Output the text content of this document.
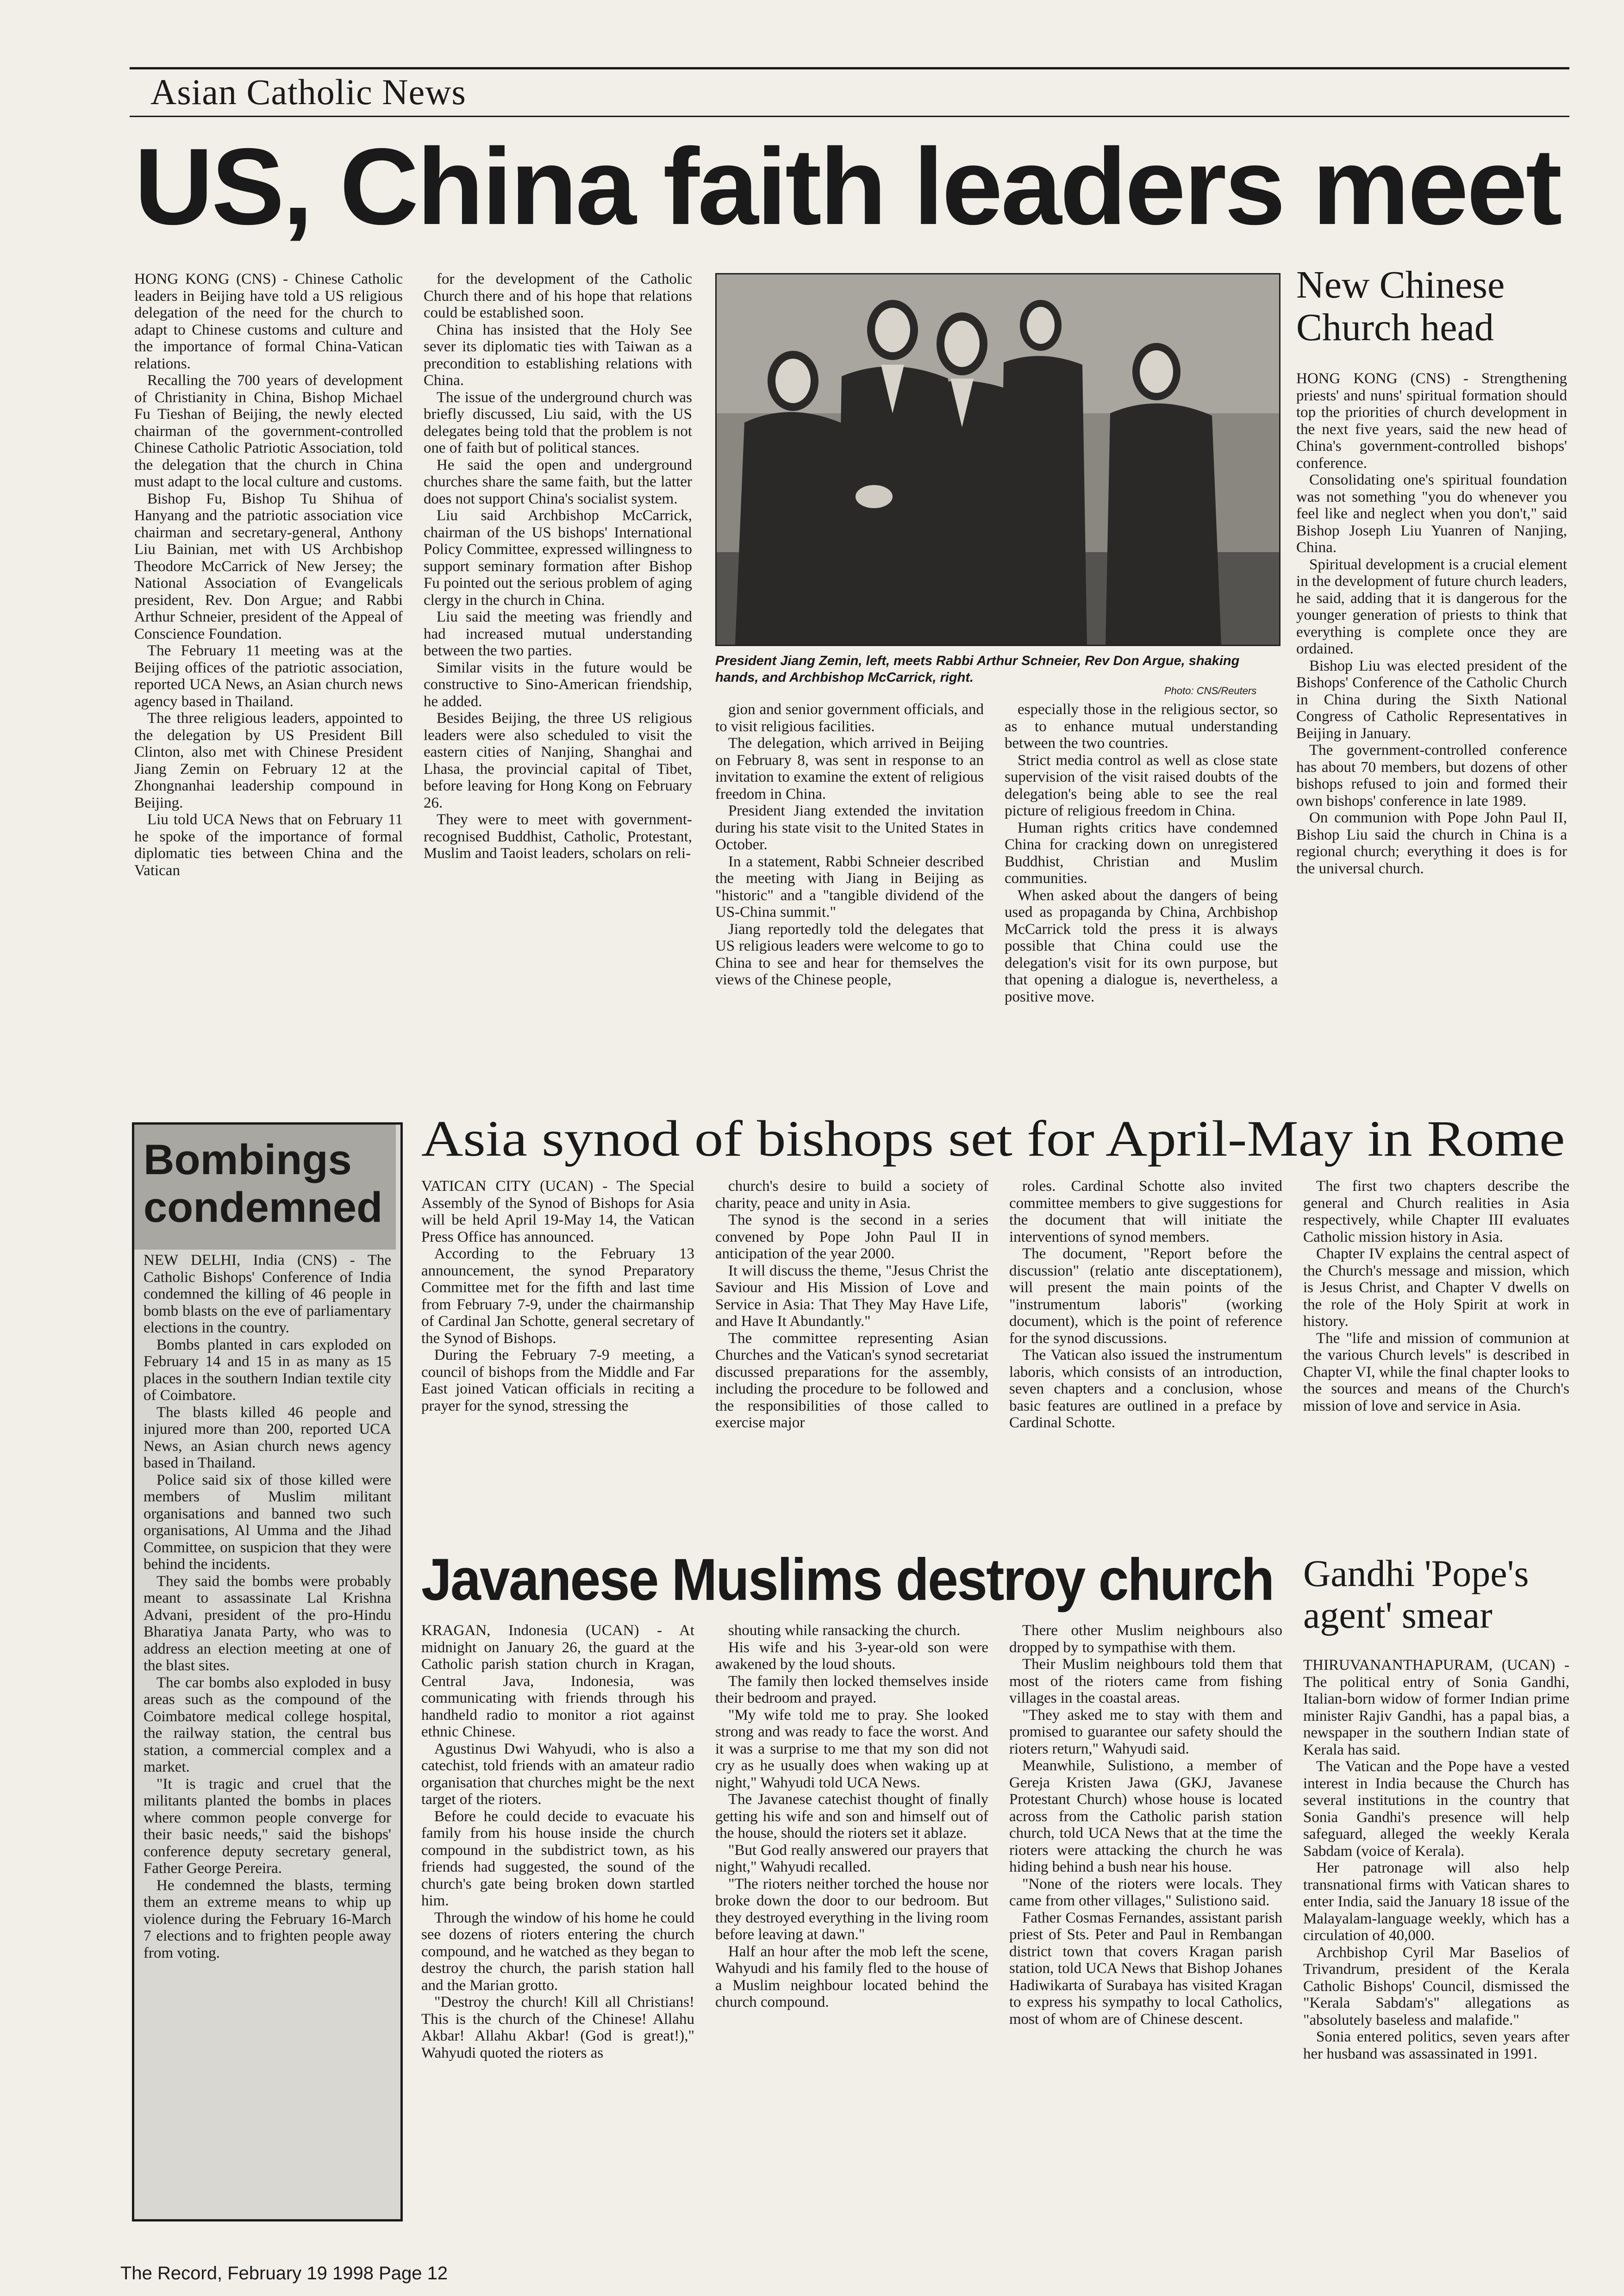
Asian Catholic News
US, China faith leaders meet

HONG KONG (CNS) - Chinese Catholic leaders in Beijing have told a US religious delegation of the need for the church to adapt to Chinese customs and culture and the importance of formal China-Vatican relations.

Recalling the 700 years of development of Christianity in China, Bishop Michael Fu Tieshan of Beijing, the newly elected chairman of the government-controlled Chinese Catholic Patriotic Association, told the delegation that the church in China must adapt to the local culture and customs.

Bishop Fu, Bishop Tu Shihua of Hanyang and the patriotic association vice chairman and secretary-general, Anthony Liu Bainian, met with US Archbishop Theodore McCarrick of New Jersey; the National Association of Evangelicals president, Rev. Don Argue; and Rabbi Arthur Schneier, president of the Appeal of Conscience Foundation.

The February 11 meeting was at the Beijing offices of the patriotic association, reported UCA News, an Asian church news agency based in Thailand.

The three religious leaders, appointed to the delegation by US President Bill Clinton, also met with Chinese President Jiang Zemin on February 12 at the Zhongnanhai leadership compound in Beijing.

Liu told UCA News that on February 11 he spoke of the importance of formal diplomatic ties between China and the Vatican

for the development of the Catholic Church there and of his hope that relations could be established soon.

China has insisted that the Holy See sever its diplomatic ties with Taiwan as a precondition to establishing relations with China.

The issue of the underground church was briefly discussed, Liu said, with the US delegates being told that the problem is not one of faith but of political stances.

He said the open and underground churches share the same faith, but the latter does not support China's socialist system.

Liu said Archbishop McCarrick, chairman of the US bishops' International Policy Committee, expressed willingness to support seminary formation after Bishop Fu pointed out the serious problem of aging clergy in the church in China.

Liu said the meeting was friendly and had increased mutual understanding between the two parties.

Similar visits in the future would be constructive to Sino-American friendship, he added.

Besides Beijing, the three US religious leaders were also scheduled to visit the eastern cities of Nanjing, Shanghai and Lhasa, the provincial capital of Tibet, before leaving for Hong Kong on February 26.

They were to meet with government-recognised Buddhist, Catholic, Protestant, Muslim and Taoist leaders, scholars on reli-

President Jiang Zemin, left, meets Rabbi Arthur Schneier, Rev Don Argue, shaking hands, and Archbishop McCarrick, right.
Photo: CNS/Reuters

gion and senior government officials, and to visit religious facilities.

The delegation, which arrived in Beijing on February 8, was sent in response to an invitation to examine the extent of religious freedom in China.

President Jiang extended the invitation during his state visit to the United States in October.

In a statement, Rabbi Schneier described the meeting with Jiang in Beijing as "historic" and a "tangible dividend of the US-China summit."

Jiang reportedly told the delegates that US religious leaders were welcome to go to China to see and hear for themselves the views of the Chinese people,

especially those in the religious sector, so as to enhance mutual understanding between the two countries.

Strict media control as well as close state supervision of the visit raised doubts of the delegation's being able to see the real picture of religious freedom in China.

Human rights critics have condemned China for cracking down on unregistered Buddhist, Christian and Muslim communities.

When asked about the dangers of being used as propaganda by China, Archbishop McCarrick told the press it is always possible that China could use the delegation's visit for its own purpose, but that opening a dialogue is, nevertheless, a positive move.

New Chinese Church head

HONG KONG (CNS) - Strengthening priests' and nuns' spiritual formation should top the priorities of church development in the next five years, said the new head of China's government-controlled bishops' conference.

Consolidating one's spiritual foundation was not something "you do whenever you feel like and neglect when you don't," said Bishop Joseph Liu Yuanren of Nanjing, China.

Spiritual development is a crucial element in the development of future church leaders, he said, adding that it is dangerous for the younger generation of priests to think that everything is complete once they are ordained.

Bishop Liu was elected president of the Bishops' Conference of the Catholic Church in China during the Sixth National Congress of Catholic Representatives in Beijing in January.

The government-controlled conference has about 70 members, but dozens of other bishops refused to join and formed their own bishops' conference in late 1989.

On communion with Pope John Paul II, Bishop Liu said the church in China is a regional church; everything it does is for the universal church.

Bombings condemned

NEW DELHI, India (CNS) - The Catholic Bishops' Conference of India condemned the killing of 46 people in bomb blasts on the eve of parliamentary elections in the country.

Bombs planted in cars exploded on February 14 and 15 in as many as 15 places in the southern Indian textile city of Coimbatore.

The blasts killed 46 people and injured more than 200, reported UCA News, an Asian church news agency based in Thailand.

Police said six of those killed were members of Muslim militant organisations and banned two such organisations, Al Umma and the Jihad Committee, on suspicion that they were behind the incidents.

They said the bombs were probably meant to assassinate Lal Krishna Advani, president of the pro-Hindu Bharatiya Janata Party, who was to address an election meeting at one of the blast sites.

The car bombs also exploded in busy areas such as the compound of the Coimbatore medical college hospital, the railway station, the central bus station, a commercial complex and a market.

"It is tragic and cruel that the militants planted the bombs in places where common people converge for their basic needs," said the bishops' conference deputy secretary general, Father George Pereira.

He condemned the blasts, terming them an extreme means to whip up violence during the February 16-March 7 elections and to frighten people away from voting.

Asia synod of bishops set for April-May in Rome

VATICAN CITY (UCAN) - The Special Assembly of the Synod of Bishops for Asia will be held April 19-May 14, the Vatican Press Office has announced.

According to the February 13 announcement, the synod Preparatory Committee met for the fifth and last time from February 7-9, under the chairmanship of Cardinal Jan Schotte, general secretary of the Synod of Bishops.

During the February 7-9 meeting, a council of bishops from the Middle and Far East joined Vatican officials in reciting a prayer for the synod, stressing the

church's desire to build a society of charity, peace and unity in Asia.

The synod is the second in a series convened by Pope John Paul II in anticipation of the year 2000.

It will discuss the theme, "Jesus Christ the Saviour and His Mission of Love and Service in Asia: That They May Have Life, and Have It Abundantly."

The committee representing Asian Churches and the Vatican's synod secretariat discussed preparations for the assembly, including the procedure to be followed and the responsibilities of those called to exercise major

roles. Cardinal Schotte also invited committee members to give suggestions for the document that will initiate the interventions of synod members.

The document, "Report before the discussion" (relatio ante disceptationem), will present the main points of the "instrumentum laboris" (working document), which is the point of reference for the synod discussions.

The Vatican also issued the instrumentum laboris, which consists of an introduction, seven chapters and a conclusion, whose basic features are outlined in a preface by Cardinal Schotte.

The first two chapters describe the general and Church realities in Asia respectively, while Chapter III evaluates Catholic mission history in Asia.

Chapter IV explains the central aspect of the Church's message and mission, which is Jesus Christ, and Chapter V dwells on the role of the Holy Spirit at work in history.

The "life and mission of communion at the various Church levels" is described in Chapter VI, while the final chapter looks to the sources and means of the Church's mission of love and service in Asia.

Javanese Muslims destroy church

KRAGAN, Indonesia (UCAN) - At midnight on January 26, the guard at the Catholic parish station church in Kragan, Central Java, Indonesia, was communicating with friends through his handheld radio to monitor a riot against ethnic Chinese.

Agustinus Dwi Wahyudi, who is also a catechist, told friends with an amateur radio organisation that churches might be the next target of the rioters.

Before he could decide to evacuate his family from his house inside the church compound in the subdistrict town, as his friends had suggested, the sound of the church's gate being broken down startled him.

Through the window of his home he could see dozens of rioters entering the church compound, and he watched as they began to destroy the church, the parish station hall and the Marian grotto.

"Destroy the church! Kill all Christians! This is the church of the Chinese! Allahu Akbar! Allahu Akbar! (God is great!)," Wahyudi quoted the rioters as

shouting while ransacking the church.

His wife and his 3-year-old son were awakened by the loud shouts.

The family then locked themselves inside their bedroom and prayed.

"My wife told me to pray. She looked strong and was ready to face the worst. And it was a surprise to me that my son did not cry as he usually does when waking up at night," Wahyudi told UCA News.

The Javanese catechist thought of finally getting his wife and son and himself out of the house, should the rioters set it ablaze.

"But God really answered our prayers that night," Wahyudi recalled.

"The rioters neither torched the house nor broke down the door to our bedroom. But they destroyed everything in the living room before leaving at dawn."

Half an hour after the mob left the scene, Wahyudi and his family fled to the house of a Muslim neighbour located behind the church compound.

There other Muslim neighbours also dropped by to sympathise with them.

Their Muslim neighbours told them that most of the rioters came from fishing villages in the coastal areas.

"They asked me to stay with them and promised to guarantee our safety should the rioters return," Wahyudi said.

Meanwhile, Sulistiono, a member of Gereja Kristen Jawa (GKJ, Javanese Protestant Church) whose house is located across from the Catholic parish station church, told UCA News that at the time the rioters were attacking the church he was hiding behind a bush near his house.

"None of the rioters were locals. They came from other villages," Sulistiono said.

Father Cosmas Fernandes, assistant parish priest of Sts. Peter and Paul in Rembangan district town that covers Kragan parish station, told UCA News that Bishop Johanes Hadiwikarta of Surabaya has visited Kragan to express his sympathy to local Catholics, most of whom are of Chinese descent.

Gandhi 'Pope's agent' smear

THIRUVANANTHAPURAM, (UCAN) - The political entry of Sonia Gandhi, Italian-born widow of former Indian prime minister Rajiv Gandhi, has a papal bias, a newspaper in the southern Indian state of Kerala has said.

The Vatican and the Pope have a vested interest in India because the Church has several institutions in the country that Sonia Gandhi's presence will help safeguard, alleged the weekly Kerala Sabdam (voice of Kerala).

Her patronage will also help transnational firms with Vatican shares to enter India, said the January 18 issue of the Malayalam-language weekly, which has a circulation of 40,000.

Archbishop Cyril Mar Baselios of Trivandrum, president of the Kerala Catholic Bishops' Council, dismissed the "Kerala Sabdam's" allegations as "absolutely baseless and malafide."

Sonia entered politics, seven years after her husband was assassinated in 1991.

The Record, February 19 1998 Page 12
